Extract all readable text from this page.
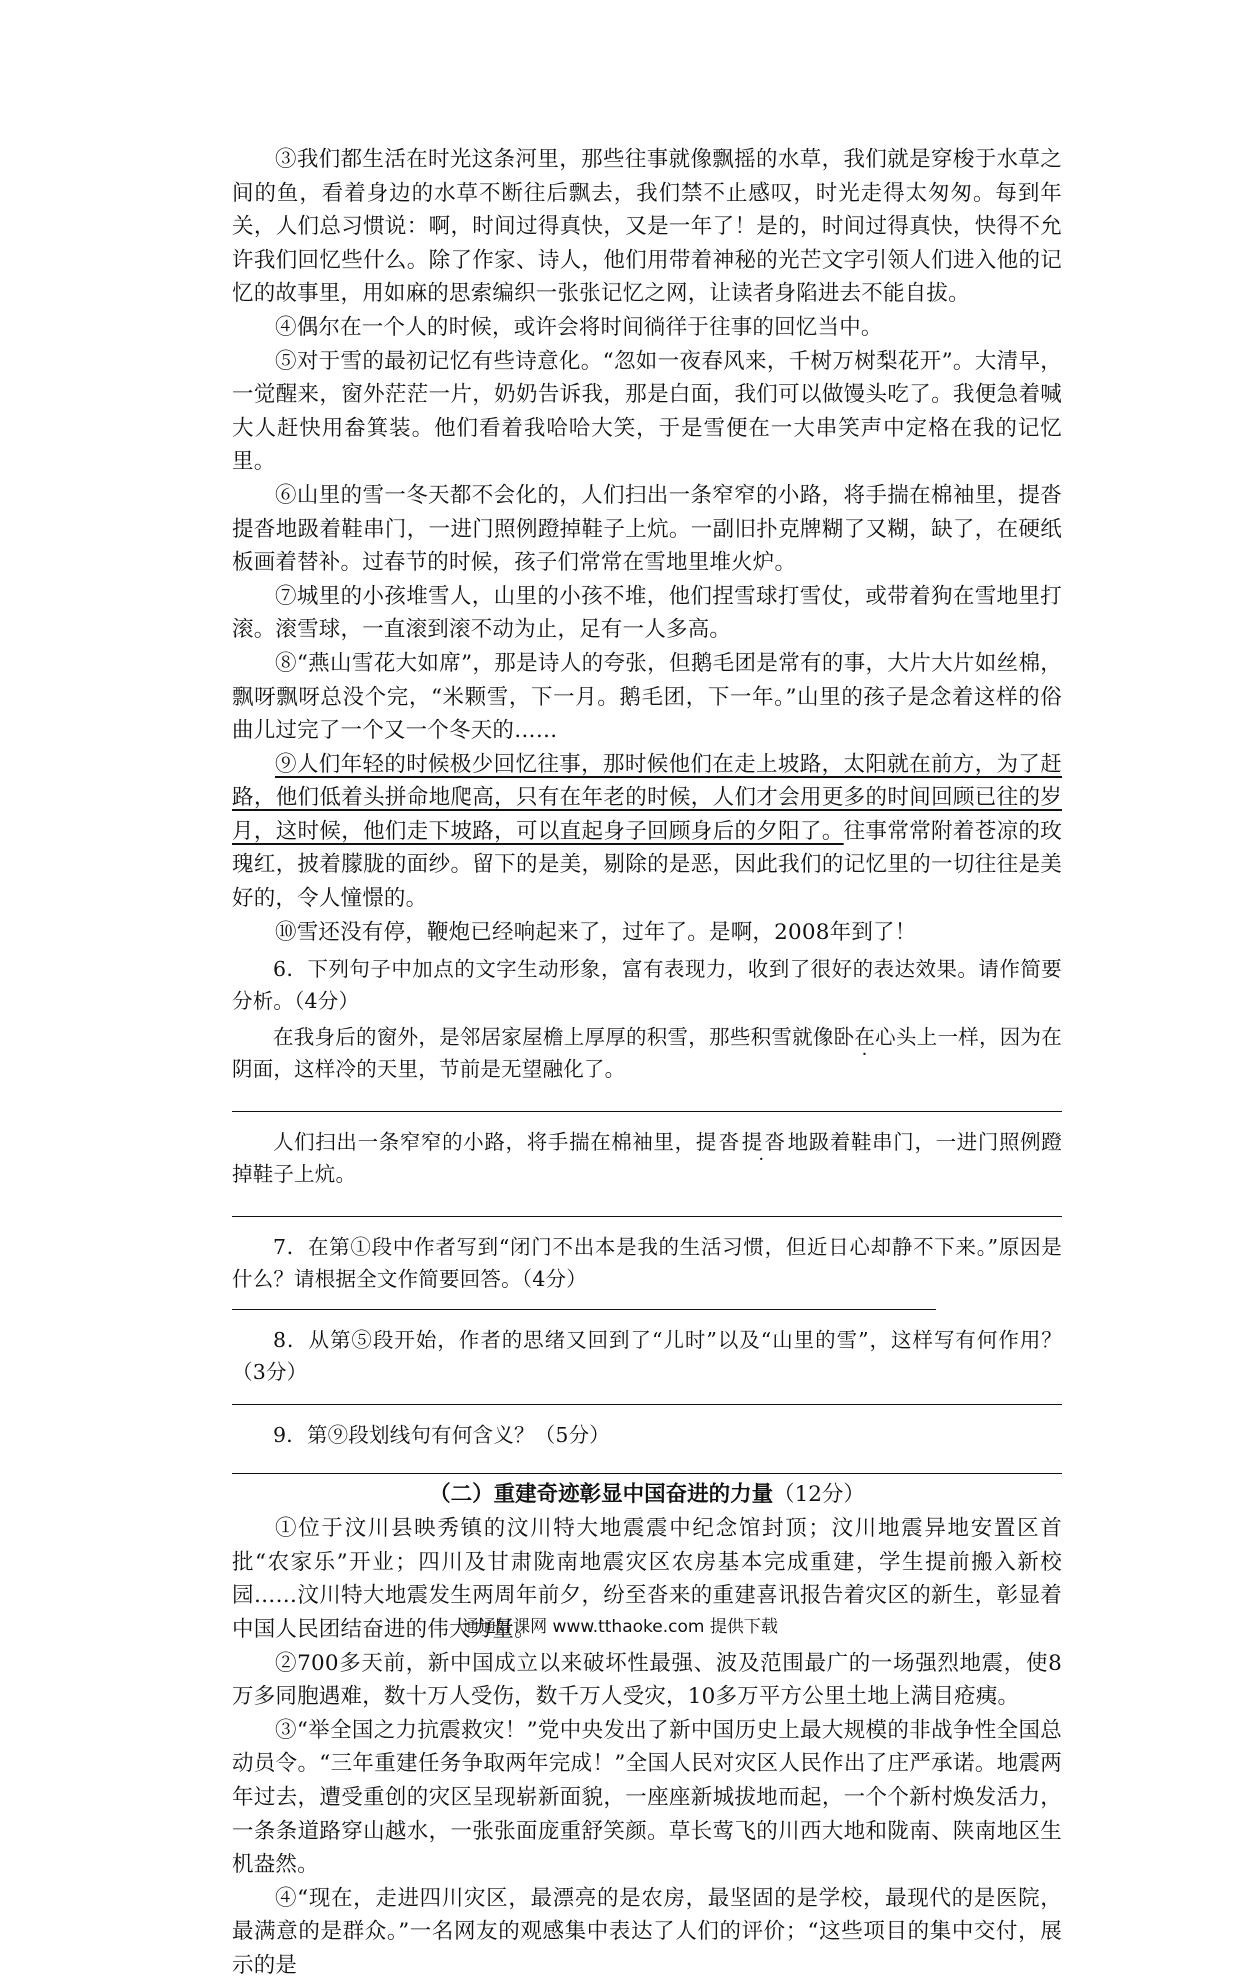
③我们都生活在时光这条河里，那些往事就像飘摇的水草，我们就是穿梭于水草之间的鱼，看着身边的水草不断往后飘去，我们禁不止感叹，时光走得太匆匆。每到年关，人们总习惯说：啊，时间过得真快，又是一年了！是的，时间过得真快，快得不允许我们回忆些什么。除了作家、诗人，他们用带着神秘的光芒文字引领人们进入他的记忆的故事里，用如麻的思索编织一张张记忆之网，让读者身陷进去不能自拔。

④偶尔在一个人的时候，或许会将时间徜徉于往事的回忆当中。

⑤对于雪的最初记忆有些诗意化。“忽如一夜春风来，千树万树梨花开”。大清早，一觉醒来，窗外茫茫一片，奶奶告诉我，那是白面，我们可以做馒头吃了。我便急着喊大人赶快用畚箕装。他们看着我哈哈大笑，于是雪便在一大串笑声中定格在我的记忆里。

⑥山里的雪一冬天都不会化的，人们扫出一条窄窄的小路，将手揣在棉袖里，提沓提沓地趿着鞋串门，一进门照例蹬掉鞋子上炕。一副旧扑克牌糊了又糊，缺了，在硬纸板画着替补。过春节的时候，孩子们常常在雪地里堆火炉。

⑦城里的小孩堆雪人，山里的小孩不堆，他们捏雪球打雪仗，或带着狗在雪地里打滚。滚雪球，一直滚到滚不动为止，足有一人多高。

⑧“燕山雪花大如席”，那是诗人的夸张，但鹅毛团是常有的事，大片大片如丝棉，飘呀飘呀总没个完，“米颗雪，下一月。鹅毛团，下一年。”山里的孩子是念着这样的俗曲儿过完了一个又一个冬天的……

⑨人们年轻的时候极少回忆往事，那时候他们在走上坡路，太阳就在前方，为了赶路，他们低着头拼命地爬高，只有在年老的时候，人们才会用更多的时间回顾已往的岁月，这时候，他们走下坡路，可以直起身子回顾身后的夕阳了。往事常常附着苍凉的玫瑰红，披着朦胧的面纱。留下的是美，剔除的是恶，因此我们的记忆里的一切往往是美好的，令人憧憬的。

⑩雪还没有停，鞭炮已经响起来了，过年了。是啊，2008年到了！

6．下列句子中加点的文字生动形象，富有表现力，收到了很好的表达效果。请作简要分析。（4分）

在我身后的窗外，是邻居家屋檐上厚厚的积雪，那些积雪就像卧在心头上一样，因为在阴面，这样冷的天里，节前是无望融化了。

人们扫出一条窄窄的小路，将手揣在棉袖里，提沓提沓地趿着鞋串门，一进门照例蹬掉鞋子上炕。

7．在第①段中作者写到“闭门不出本是我的生活习惯，但近日心却静不下来。”原因是什么？请根据全文作简要回答。（4分）

8．从第⑤段开始，作者的思绪又回到了“儿时”以及“山里的雪”，这样写有何作用？（3分）

9．第⑨段划线句有何含义？（5分）

（二）重建奇迹彰显中国奋进的力量（12分）

①位于汶川县映秀镇的汶川特大地震震中纪念馆封顶；汶川地震异地安置区首批“农家乐”开业；四川及甘肃陇南地震灾区农房基本完成重建，学生提前搬入新校园……汶川特大地震发生两周年前夕，纷至沓来的重建喜讯报告着灾区的新生，彰显着中国人民团结奋进的伟大力量。

②700多天前，新中国成立以来破坏性最强、波及范围最广的一场强烈地震，使8万多同胞遇难，数十万人受伤，数千万人受灾，10多万平方公里土地上满目疮痍。

③“举全国之力抗震救灾！”党中央发出了新中国历史上最大规模的非战争性全国总动员令。“三年重建任务争取两年完成！”全国人民对灾区人民作出了庄严承诺。地震两年过去，遭受重创的灾区呈现崭新面貌，一座座新城拔地而起，一个个新村焕发活力，一条条道路穿山越水，一张张面庞重舒笑颜。草长莺飞的川西大地和陇南、陕南地区生机盎然。

④“现在，走进四川灾区，最漂亮的是农房，最坚固的是学校，最现代的是医院，最满意的是群众。”一名网友的观感集中表达了人们的评价；“这些项目的集中交付，展示的是

通通好课网 www.tthaoke.com 提供下载
